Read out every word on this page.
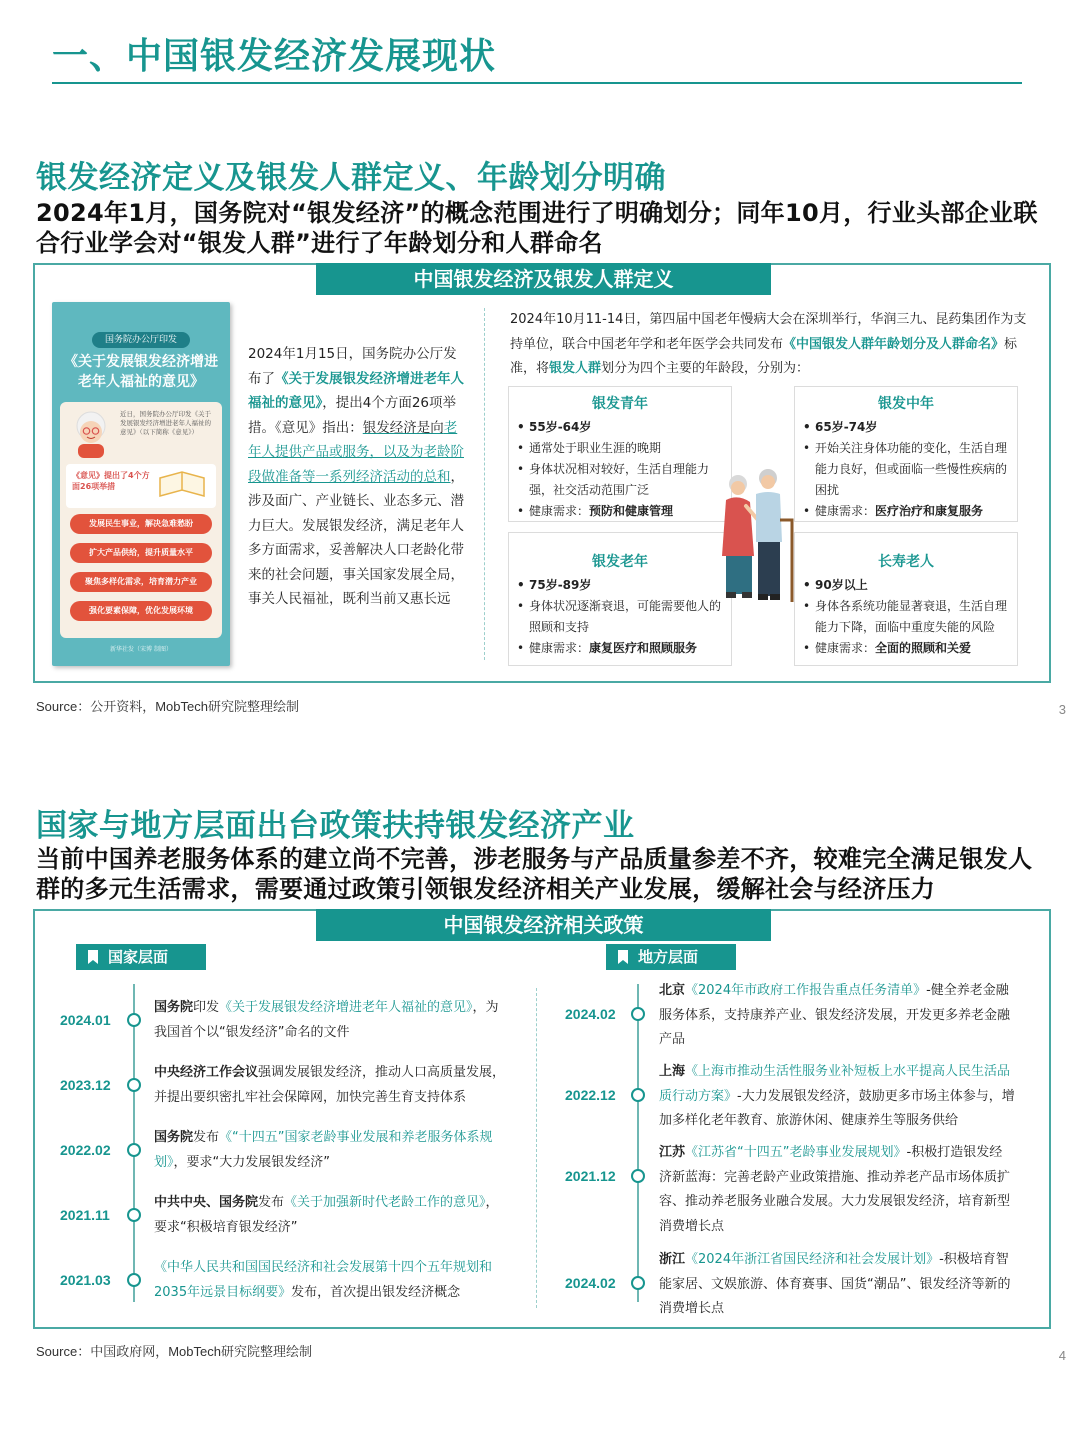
一、中国银发经济发展现状
银发经济定义及银发人群定义、年龄划分明确
2024年1月，国务院对“银发经济”的概念范围进行了明确划分；同年10月，行业头部企业联合行业学会对“银发人群”进行了年龄划分和人群命名
中国银发经济及银发人群定义
国务院办公厅印发
《关于发展银发经济增进老年人福祉的意见》
近日，国务院办公厅印发《关于发展银发经济增进老年人福祉的意见》（以下简称《意见》）
《意见》提出了4个方面26项举措
发展民生事业，解决急难愁盼
扩大产品供给，提升质量水平
聚焦多样化需求，培育潜力产业
强化要素保障，优化发展环境
新华社发（宋博 制图）
2024年1月15日，国务院办公厅发布了《关于发展银发经济增进老年人福祉的意见》，提出4个方面26项举措。《意见》指出：银发经济是向老年人提供产品或服务，以及为老龄阶段做准备等一系列经济活动的总和，涉及面广、产业链长、业态多元、潜力巨大。发展银发经济，满足老年人多方面需求，妥善解决人口老龄化带来的社会问题，事关国家发展全局，事关人民福祉，既利当前又惠长远
2024年10月11-14日，第四届中国老年慢病大会在深圳举行，华润三九、昆药集团作为支持单位，联合中国老年学和老年医学会共同发布《中国银发人群年龄划分及人群命名》标准，将银发人群划分为四个主要的年龄段，分别为：
银发青年
• 55岁-64岁
• 通常处于职业生涯的晚期
• 身体状况相对较好，生活自理能力强，社交活动范围广泛
• 健康需求：预防和健康管理
银发中年
• 65岁-74岁
• 开始关注身体功能的变化，生活自理能力良好，但或面临一些慢性疾病的困扰
• 健康需求：医疗治疗和康复服务
银发老年
• 75岁-89岁
• 身体状况逐渐衰退，可能需要他人的照顾和支持
• 健康需求：康复医疗和照顾服务
长寿老人
• 90岁以上
• 身体各系统功能显著衰退，生活自理能力下降，面临中重度失能的风险
• 健康需求：全面的照顾和关爱
Source：公开资料，MobTech研究院整理绘制	3
国家与地方层面出台政策扶持银发经济产业
当前中国养老服务体系的建立尚不完善，涉老服务与产品质量参差不齐，较难完全满足银发人群的多元生活需求，需要通过政策引领银发经济相关产业发展，缓解社会与经济压力
中国银发经济相关政策
国家层面	地方层面
2024.01
国务院印发《关于发展银发经济增进老年人福祉的意见》，为我国首个以“银发经济”命名的文件
2023.12
中央经济工作会议强调发展银发经济，推动人口高质量发展，并提出要织密扎牢社会保障网，加快完善生育支持体系
2022.02
国务院发布《“十四五”国家老龄事业发展和养老服务体系规划》，要求“大力发展银发经济”
2021.11
中共中央、国务院发布《关于加强新时代老龄工作的意见》，要求“积极培育银发经济”
2021.03
《中华人民共和国国民经济和社会发展第十四个五年规划和2035年远景目标纲要》发布，首次提出银发经济概念
2024.02
北京《2024年市政府工作报告重点任务清单》-健全养老金融服务体系，支持康养产业、银发经济发展，开发更多养老金融产品
2022.12
上海《上海市推动生活性服务业补短板上水平提高人民生活品质行动方案》-大力发展银发经济，鼓励更多市场主体参与，增加多样化老年教育、旅游休闲、健康养生等服务供给
2021.12
江苏《江苏省“十四五”老龄事业发展规划》-积极打造银发经济新蓝海：完善老龄产业政策措施、推动养老产品市场体质扩容、推动养老服务业融合发展。大力发展银发经济，培育新型消费增长点
2024.02
浙江《2024年浙江省国民经济和社会发展计划》-积极培育智能家居、文娱旅游、体育赛事、国货“潮品”、银发经济等新的消费增长点
Source：中国政府网，MobTech研究院整理绘制	4
